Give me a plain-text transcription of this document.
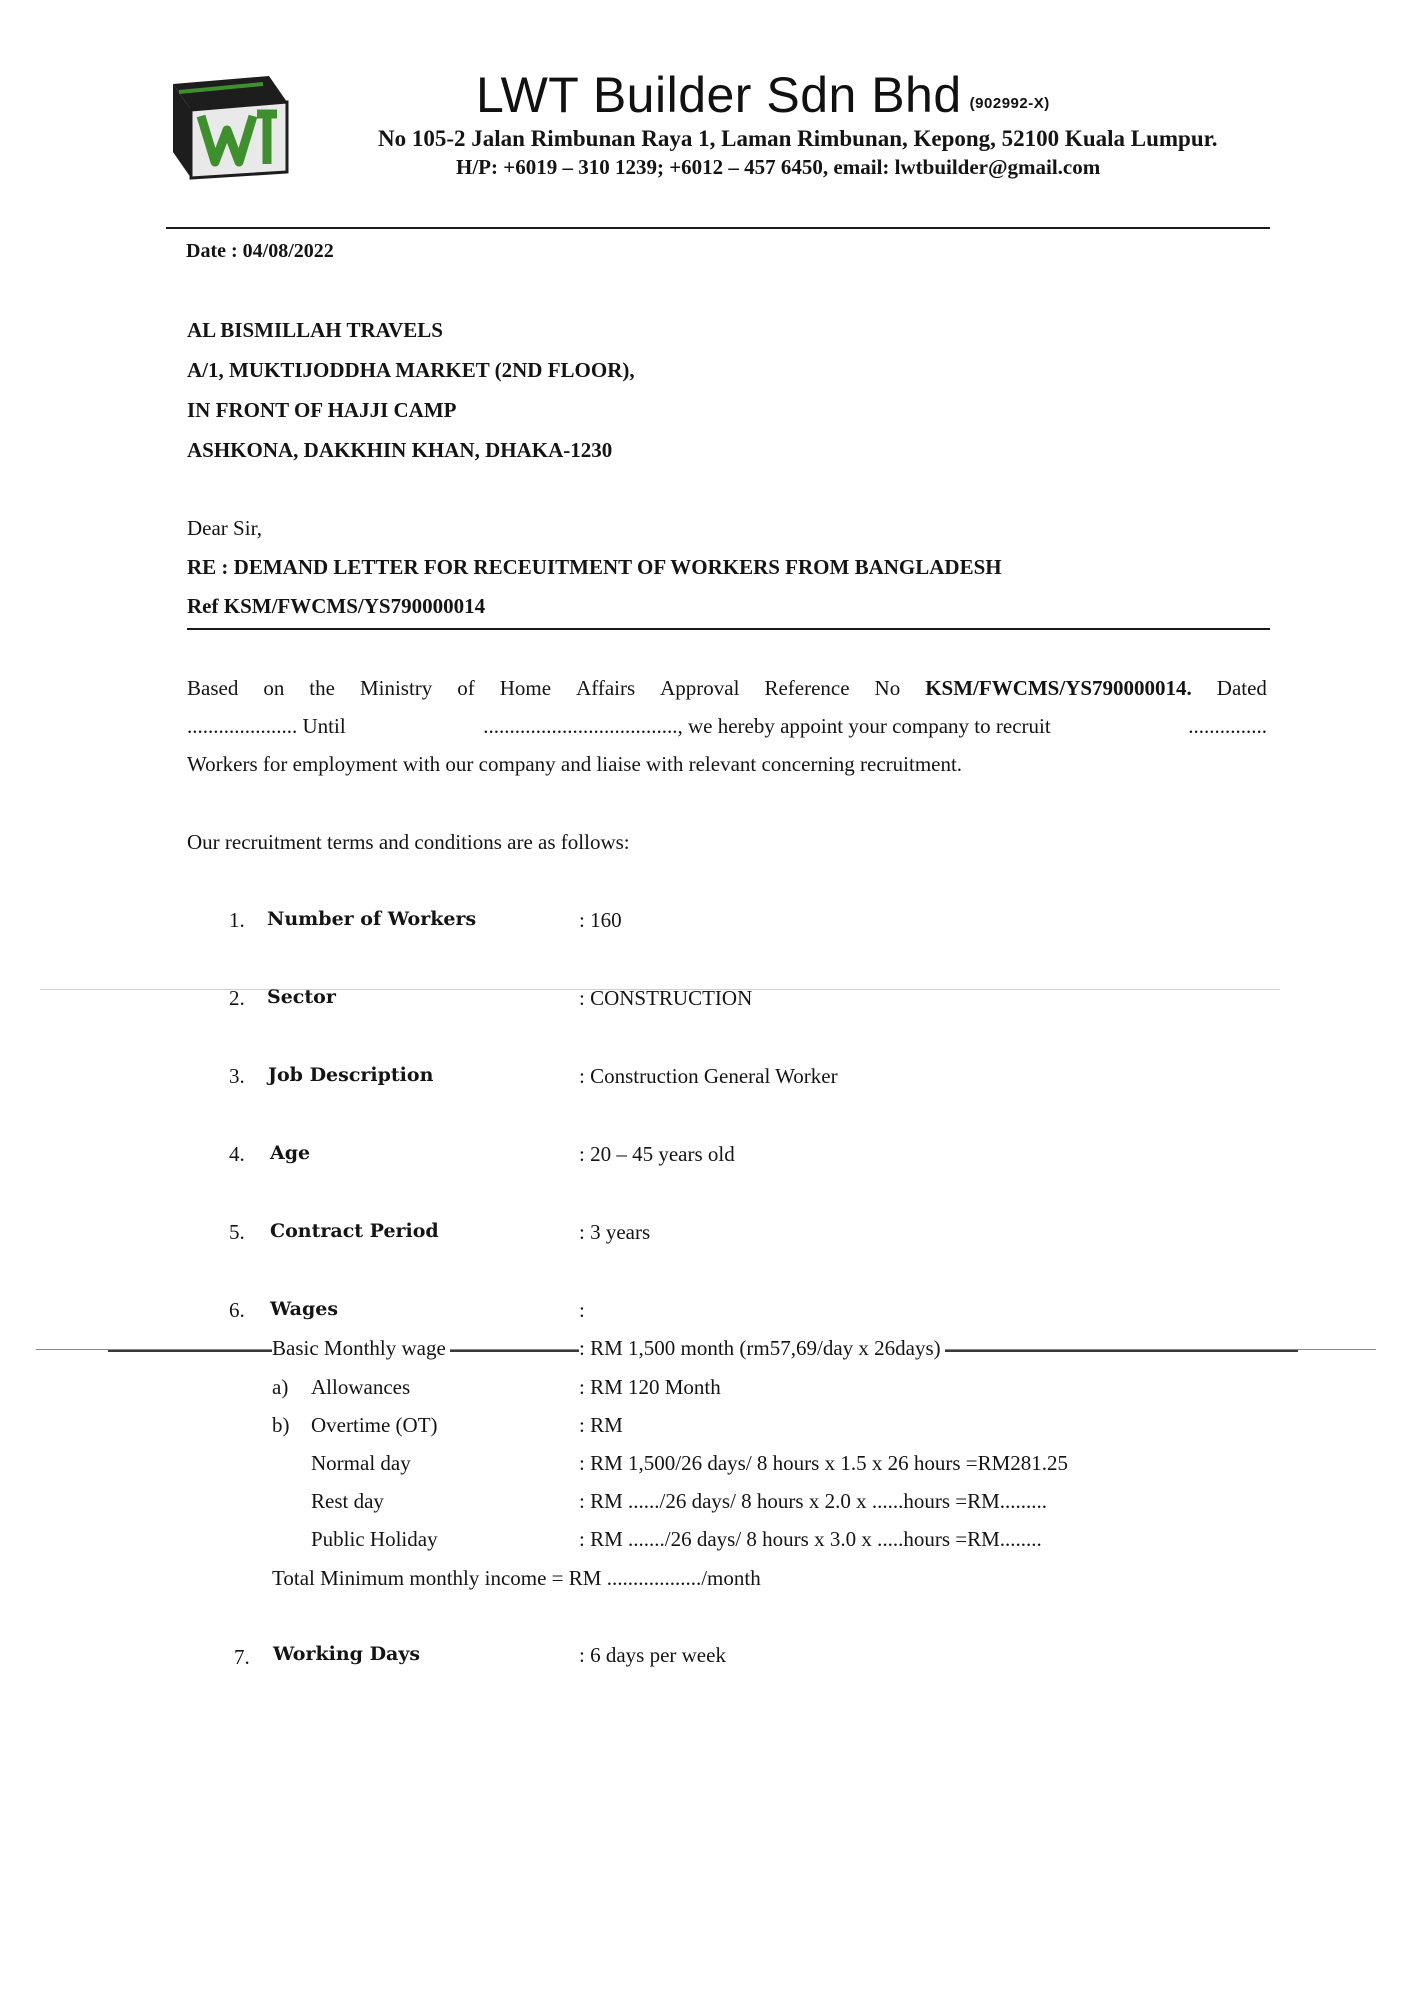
LWT Builder Sdn Bhd (902992-X)
No 105-2 Jalan Rimbunan Raya 1, Laman Rimbunan, Kepong, 52100 Kuala Lumpur.
H/P: +6019 – 310 1239; +6012 – 457 6450, email: lwtbuilder@gmail.com
Date : 04/08/2022
AL BISMILLAH TRAVELS
A/1, MUKTIJODDHA MARKET (2ND FLOOR),
IN FRONT OF HAJJI CAMP
ASHKONA, DAKKHIN KHAN, DHAKA-1230
Dear Sir,
RE : DEMAND LETTER FOR RECEUITMENT OF WORKERS FROM BANGLADESH
Ref KSM/FWCMS/YS790000014
Based on the Ministry of Home Affairs Approval Reference No KSM/FWCMS/YS790000014. Dated
..................... Until	....................................., we hereby appoint your company to recruit	...............
Workers for employment with our company and liaise with relevant concerning recruitment.
Our recruitment terms and conditions are as follows:
1. Number of Workers	: 160
2. Sector	: CONSTRUCTION
3. Job Description	: Construction General Worker
4. Age	: 20 – 45 years old
5. Contract Period	: 3 years
6. Wages	:
Basic Monthly wage	: RM 1,500 month (rm57,69/day x 26days)
a) Allowances	: RM 120 Month
b) Overtime (OT)	: RM
Normal day	: RM 1,500/26 days/ 8 hours x 1.5 x 26 hours =RM281.25
Rest day	: RM ....../26 days/ 8 hours x 2.0 x ......hours =RM.........
Public Holiday	: RM ......./26 days/ 8 hours x 3.0 x .....hours =RM........
Total Minimum monthly income = RM ................../month
7. Working Days	: 6 days per week
